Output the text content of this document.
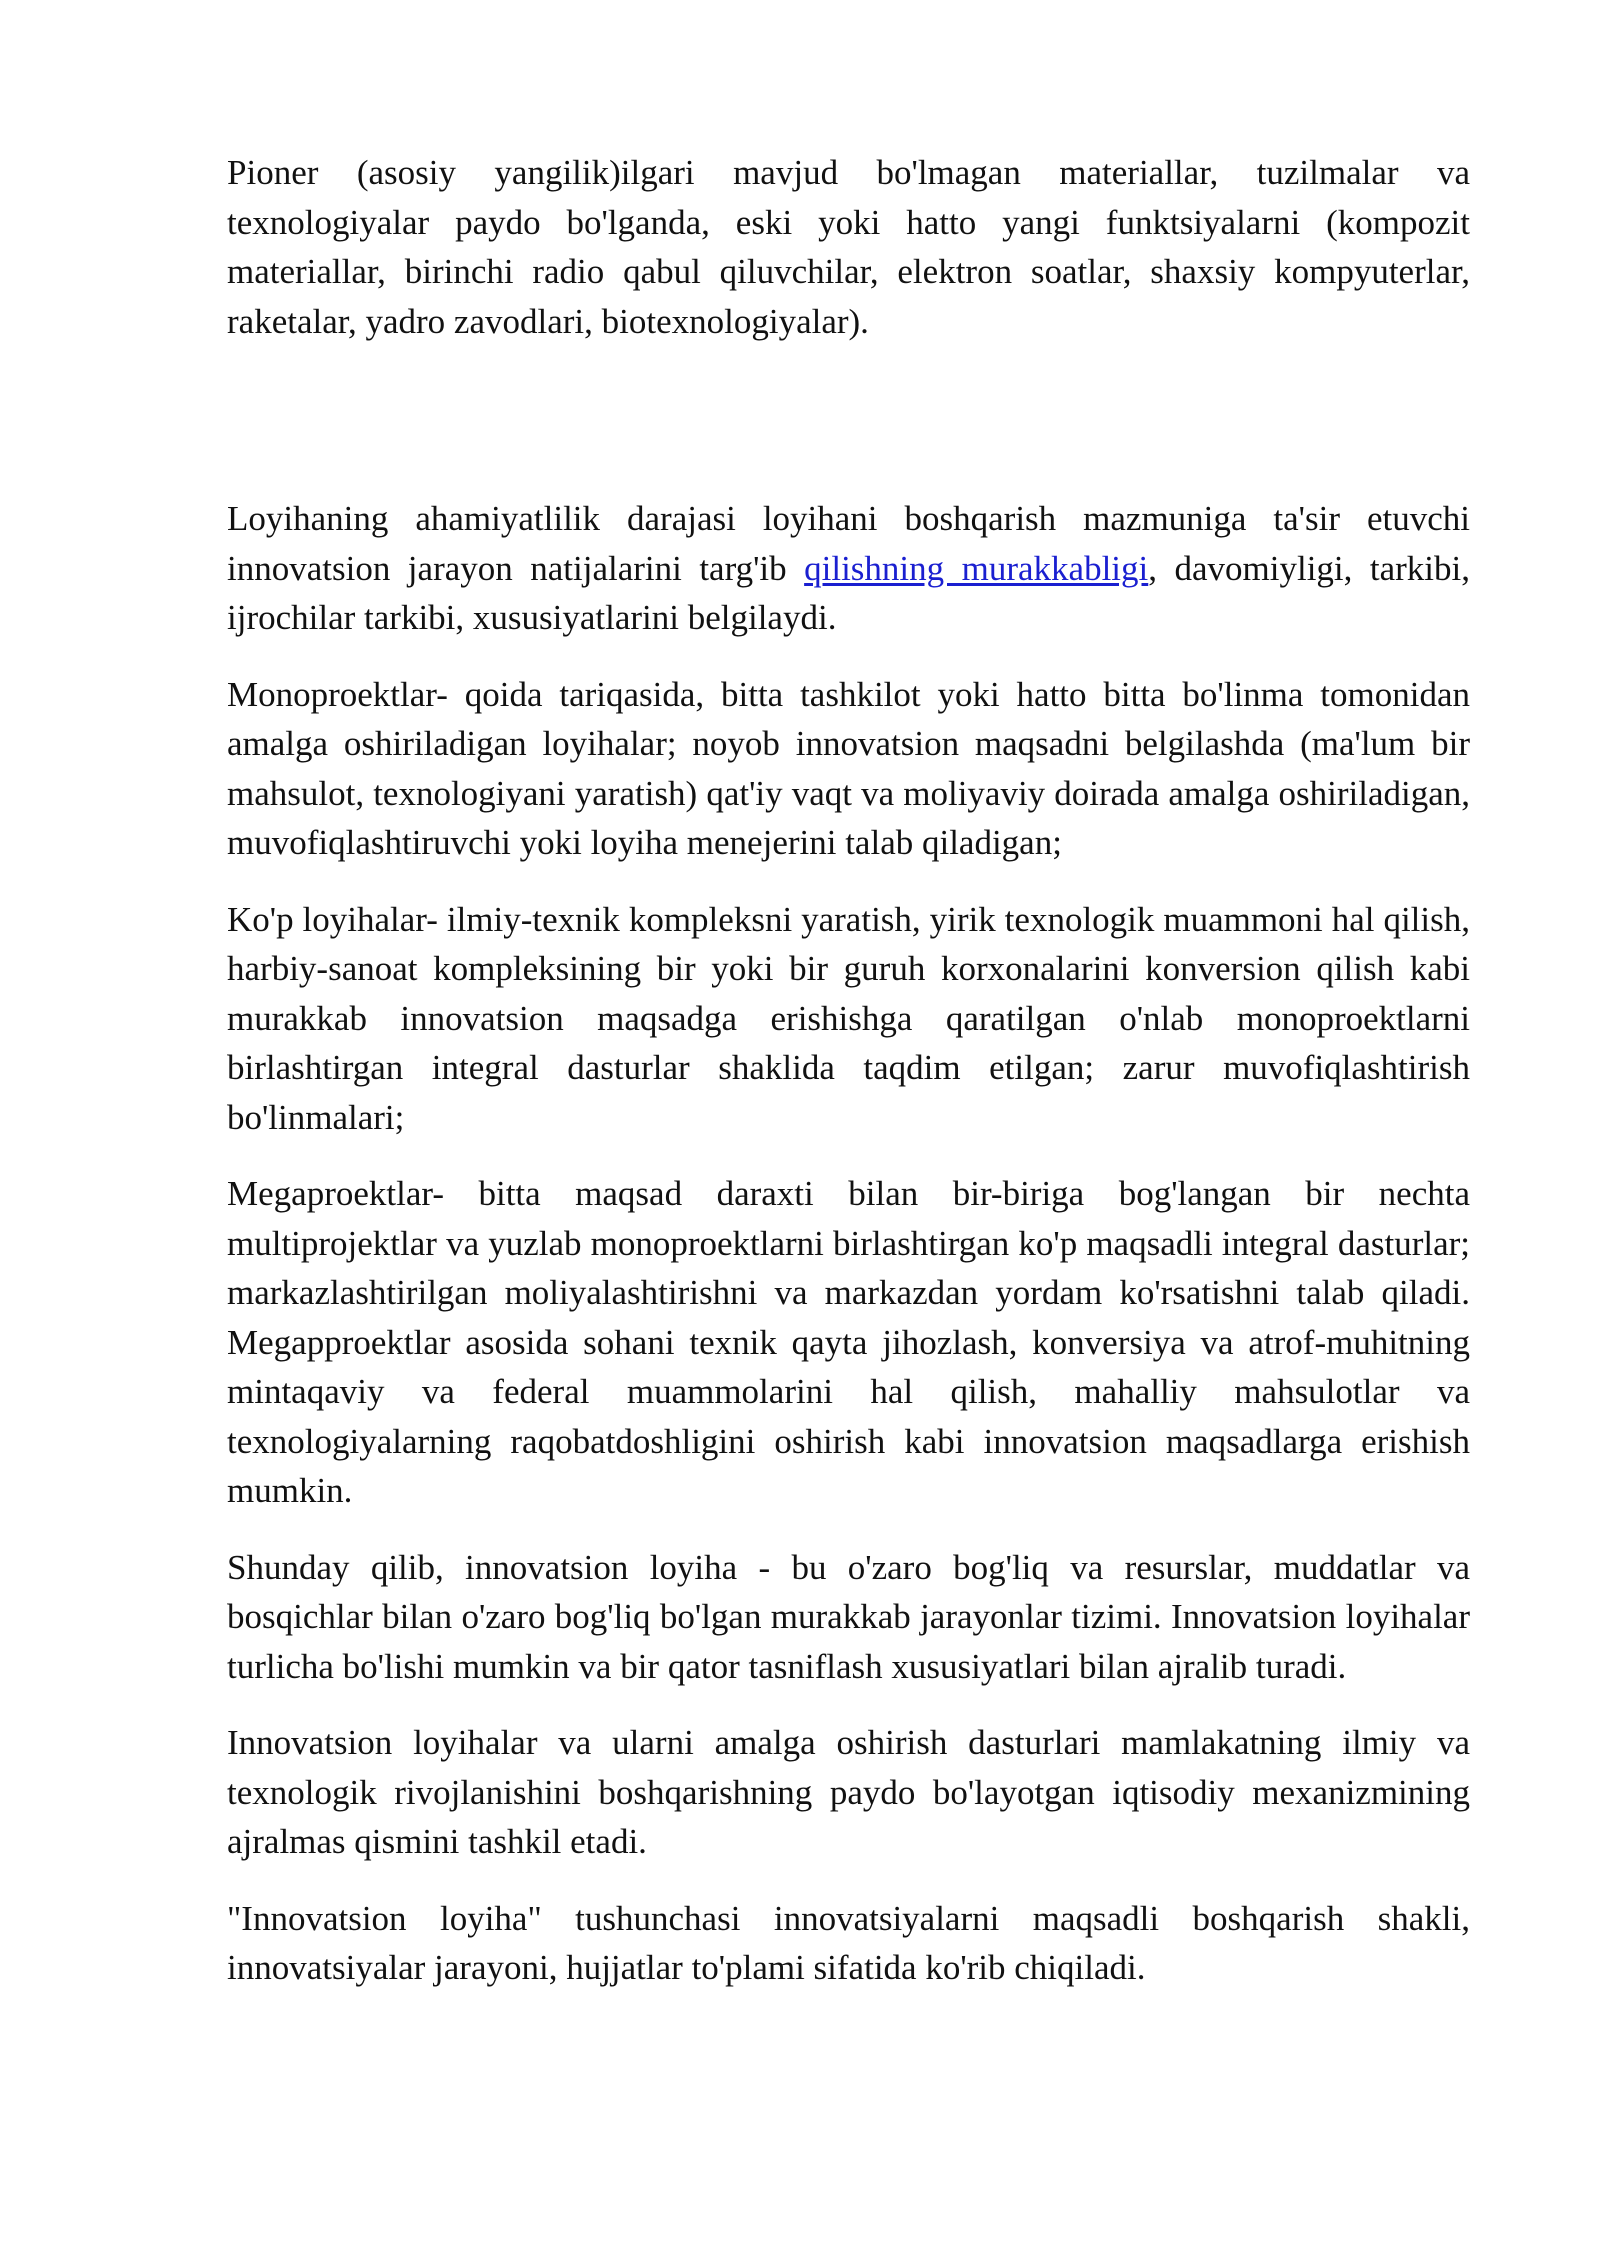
Pioner (asosiy yangilik)ilgari mavjud bo'lmagan materiallar, tuzilmalar va texnologiyalar paydo bo'lganda, eski yoki hatto yangi funktsiyalarni (kompozit materiallar, birinchi radio qabul qiluvchilar, elektron soatlar, shaxsiy kompyuterlar, raketalar, yadro zavodlari, biotexnologiyalar).

Loyihaning ahamiyatlilik darajasi loyihani boshqarish mazmuniga ta'sir etuvchi innovatsion jarayon natijalarini targ'ib qilishning murakkabligi, davomiyligi, tarkibi, ijrochilar tarkibi, xususiyatlarini belgilaydi.

Monoproektlar- qoida tariqasida, bitta tashkilot yoki hatto bitta bo'linma tomonidan amalga oshiriladigan loyihalar; noyob innovatsion maqsadni belgilashda (ma'lum bir mahsulot, texnologiyani yaratish) qat'iy vaqt va moliyaviy doirada amalga oshiriladigan, muvofiqlashtiruvchi yoki loyiha menejerini talab qiladigan;

Ko'p loyihalar- ilmiy-texnik kompleksni yaratish, yirik texnologik muammoni hal qilish, harbiy-sanoat kompleksining bir yoki bir guruh korxonalarini konversion qilish kabi murakkab innovatsion maqsadga erishishga qaratilgan o'nlab monoproektlarni birlashtirgan integral dasturlar shaklida taqdim etilgan; zarur muvofiqlashtirish bo'linmalari;

Megaproektlar- bitta maqsad daraxti bilan bir-biriga bog'langan bir nechta multiprojektlar va yuzlab monoproektlarni birlashtirgan ko'p maqsadli integral dasturlar; markazlashtirilgan moliyalashtirishni va markazdan yordam ko'rsatishni talab qiladi. Megapproektlar asosida sohani texnik qayta jihozlash, konversiya va atrof-muhitning mintaqaviy va federal muammolarini hal qilish, mahalliy mahsulotlar va texnologiyalarning raqobatdoshligini oshirish kabi innovatsion maqsadlarga erishish mumkin.

Shunday qilib, innovatsion loyiha - bu o'zaro bog'liq va resurslar, muddatlar va bosqichlar bilan o'zaro bog'liq bo'lgan murakkab jarayonlar tizimi. Innovatsion loyihalar turlicha bo'lishi mumkin va bir qator tasniflash xususiyatlari bilan ajralib turadi.

Innovatsion loyihalar va ularni amalga oshirish dasturlari mamlakatning ilmiy va texnologik rivojlanishini boshqarishning paydo bo'layotgan iqtisodiy mexanizmining ajralmas qismini tashkil etadi.

"Innovatsion loyiha" tushunchasi innovatsiyalarni maqsadli boshqarish shakli, innovatsiyalar jarayoni, hujjatlar to'plami sifatida ko'rib chiqiladi.
